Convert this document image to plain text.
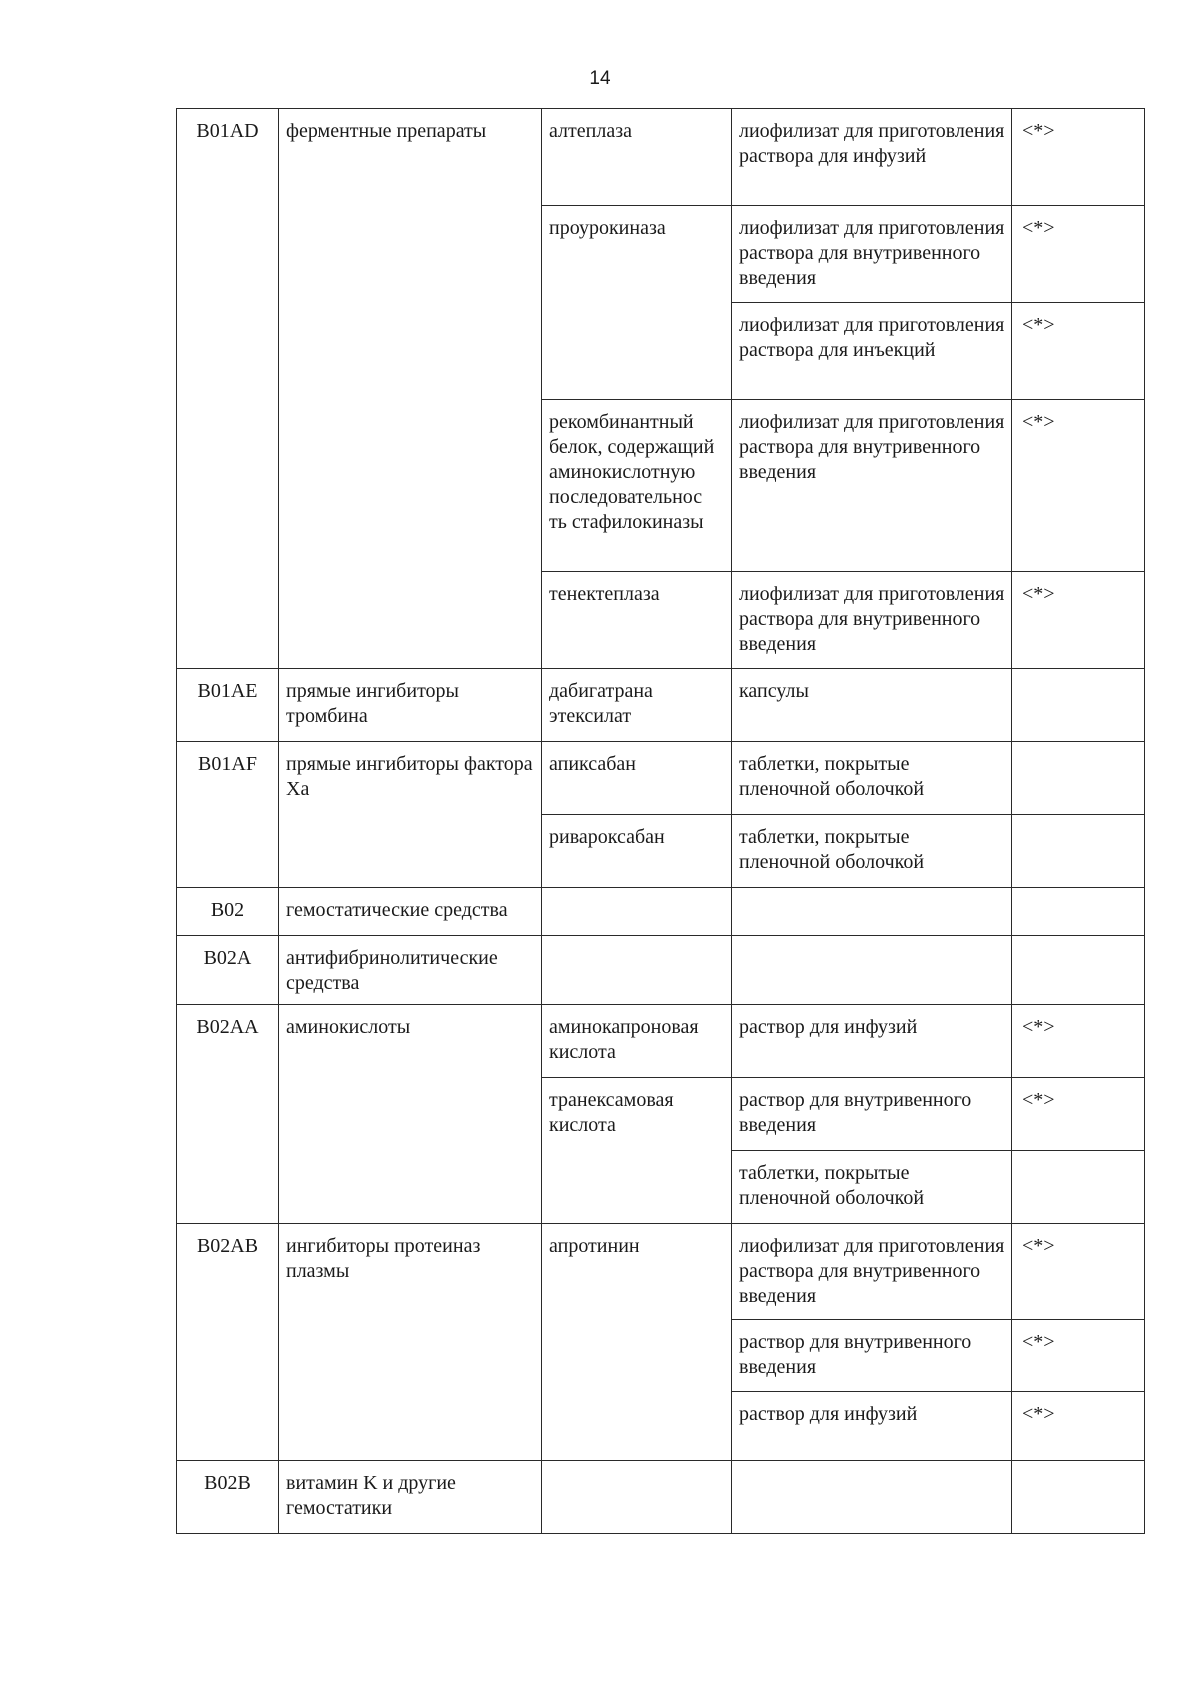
14
B01AD	ферментные препараты	алтеплаза	лиофилизат для приготовления раствора для инфузий	<*>
		проурокиназа	лиофилизат для приготовления раствора для внутривенного введения	<*>
			лиофилизат для приготовления раствора для инъекций	<*>
		рекомбинантный белок, содержащий аминокислотную последовательнос ть стафилокиназы	лиофилизат для приготовления раствора для внутривенного введения	<*>
		тенектеплаза	лиофилизат для приготовления раствора для внутривенного введения	<*>
B01AE	прямые ингибиторы тромбина	дабигатрана этексилат	капсулы	
B01AF	прямые ингибиторы фактора Xa	апиксабан	таблетки, покрытые пленочной оболочкой	
		ривароксабан	таблетки, покрытые пленочной оболочкой	
B02	гемостатические средства			
B02A	антифибринолитические средства			
B02AA	аминокислоты	аминокапроновая кислота	раствор для инфузий	<*>
		транексамовая кислота	раствор для внутривенного введения	<*>
			таблетки, покрытые пленочной оболочкой	
B02AB	ингибиторы протеиназ плазмы	апротинин	лиофилизат для приготовления раствора для внутривенного введения	<*>
			раствор для внутривенного введения	<*>
			раствор для инфузий	<*>
B02B	витамин K и другие гемостатики			
